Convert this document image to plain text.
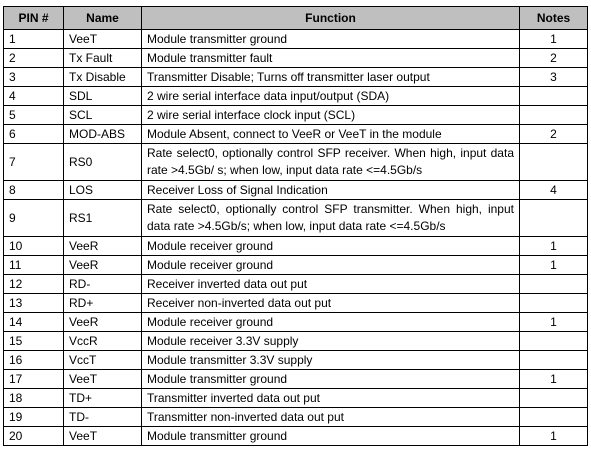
PIN #	Name	Function	Notes
1	VeeT	Module transmitter ground	1
2	Tx Fault	Module transmitter fault	2
3	Tx Disable	Transmitter Disable; Turns off transmitter laser output	3
4	SDL	2 wire serial interface data input/output (SDA)	
5	SCL	2 wire serial interface clock input (SCL)	
6	MOD-ABS	Module Absent, connect to VeeR or VeeT in the module	2
7	RS0	Rate select0, optionally control SFP receiver. When high, input data rate >4.5Gb/ s; when low, input data rate <=4.5Gb/s	
8	LOS	Receiver Loss of Signal Indication	4
9	RS1	Rate select0, optionally control SFP transmitter. When high, input data rate >4.5Gb/s; when low, input data rate <=4.5Gb/s	
10	VeeR	Module receiver ground	1
11	VeeR	Module receiver ground	1
12	RD-	Receiver inverted data out put	
13	RD+	Receiver non-inverted data out put	
14	VeeR	Module receiver ground	1
15	VccR	Module receiver 3.3V supply	
16	VccT	Module transmitter 3.3V supply	
17	VeeT	Module transmitter ground	1
18	TD+	Transmitter inverted data out put	
19	TD-	Transmitter non-inverted data out put	
20	VeeT	Module transmitter ground	1
